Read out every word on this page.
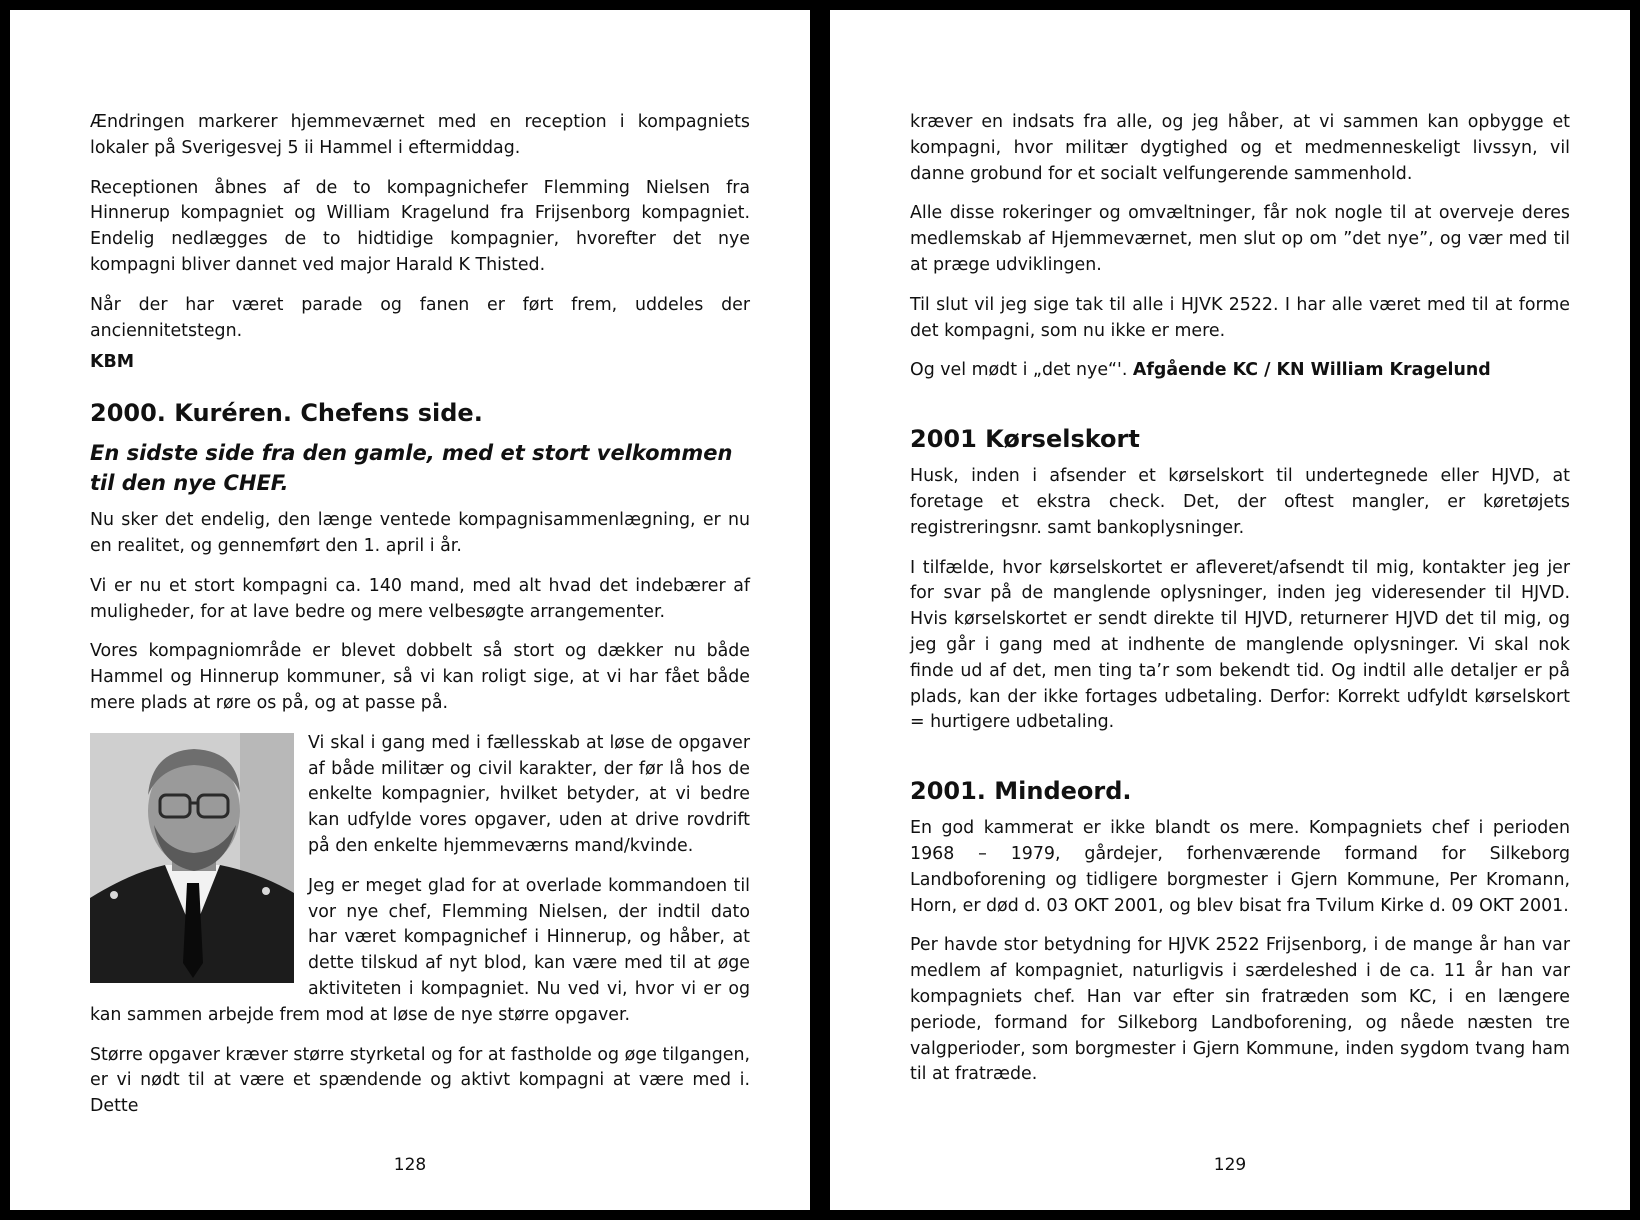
Ændringen markerer hjemmeværnet med en reception i kompagniets lokaler på Sverigesvej 5 ii Hammel i eftermiddag.

Receptionen åbnes af de to kompagnichefer Flemming Nielsen fra Hinnerup kompagniet og William Kragelund fra Frijsenborg kompagniet. Endelig nedlægges de to hidtidige kompagnier, hvorefter det nye kompagni bliver dannet ved major Harald K Thisted.

Når der har været parade og fanen er ført frem, uddeles der anciennitetstegn.

KBM

2000. Kuréren. Chefens side.
En sidste side fra den gamle, med et stort velkommen til den nye CHEF.

Nu sker det endelig, den længe ventede kompagnisammenlægning, er nu en realitet, og gennemført den 1. april i år.

Vi er nu et stort kompagni ca. 140 mand, med alt hvad det indebærer af muligheder, for at lave bedre og mere velbesøgte arrangementer.

Vores kompagniområde er blevet dobbelt så stort og dækker nu både Hammel og Hinnerup kommuner, så vi kan roligt sige, at vi har fået både mere plads at røre os på, og at passe på.

Vi skal i gang med i fællesskab at løse de opgaver af både militær og civil karakter, der før lå hos de enkelte kompagnier, hvilket betyder, at vi bedre kan udfylde vores opgaver, uden at drive rovdrift på den enkelte hjemmeværns mand/kvinde.

Jeg er meget glad for at overlade kommandoen til vor nye chef, Flemming Nielsen, der indtil dato har været kompagnichef i Hinnerup, og håber, at dette tilskud af nyt blod, kan være med til at øge aktiviteten i kompagniet. Nu ved vi, hvor vi er og kan sammen arbejde frem mod at løse de nye større opgaver.

Større opgaver kræver større styrketal og for at fastholde og øge tilgangen, er vi nødt til at være et spændende og aktivt kompagni at være med i. Dette

128

kræver en indsats fra alle, og jeg håber, at vi sammen kan opbygge et kompagni, hvor militær dygtighed og et medmenneskeligt livssyn, vil danne grobund for et socialt velfungerende sammenhold.

Alle disse rokeringer og omvæltninger, får nok nogle til at overveje deres medlemskab af Hjemmeværnet, men slut op om ”det nye”, og vær med til at præge udviklingen.

Til slut vil jeg sige tak til alle i HJVK 2522. I har alle været med til at forme det kompagni, som nu ikke er mere.

Og vel mødt i „det nye“'. Afgående KC / KN William Kragelund

2001 Kørselskort

Husk, inden i afsender et kørselskort til undertegnede eller HJVD, at foretage et ekstra check. Det, der oftest mangler, er køretøjets registreringsnr. samt bankoplysninger.

I tilfælde, hvor kørselskortet er afleveret/afsendt til mig, kontakter jeg jer for svar på de manglende oplysninger, inden jeg videresender til HJVD. Hvis kørselskortet er sendt direkte til HJVD, returnerer HJVD det til mig, og jeg går i gang med at indhente de manglende oplysninger. Vi skal nok finde ud af det, men ting ta’r som bekendt tid. Og indtil alle detaljer er på plads, kan der ikke fortages udbetaling. Derfor: Korrekt udfyldt kørselskort = hurtigere udbetaling.

2001. Mindeord.

En god kammerat er ikke blandt os mere. Kompagniets chef i perioden 1968 – 1979, gårdejer, forhenværende formand for Silkeborg Landboforening og tidligere borgmester i Gjern Kommune, Per Kromann, Horn, er død d. 03 OKT 2001, og blev bisat fra Tvilum Kirke d. 09 OKT 2001.

Per havde stor betydning for HJVK 2522 Frijsenborg, i de mange år han var medlem af kompagniet, naturligvis i særdeleshed i de ca. 11 år han var kompagniets chef. Han var efter sin fratræden som KC, i en længere periode, formand for Silkeborg Landboforening, og nåede næsten tre valgperioder, som borgmester i Gjern Kommune, inden sygdom tvang ham til at fratræde.

129
